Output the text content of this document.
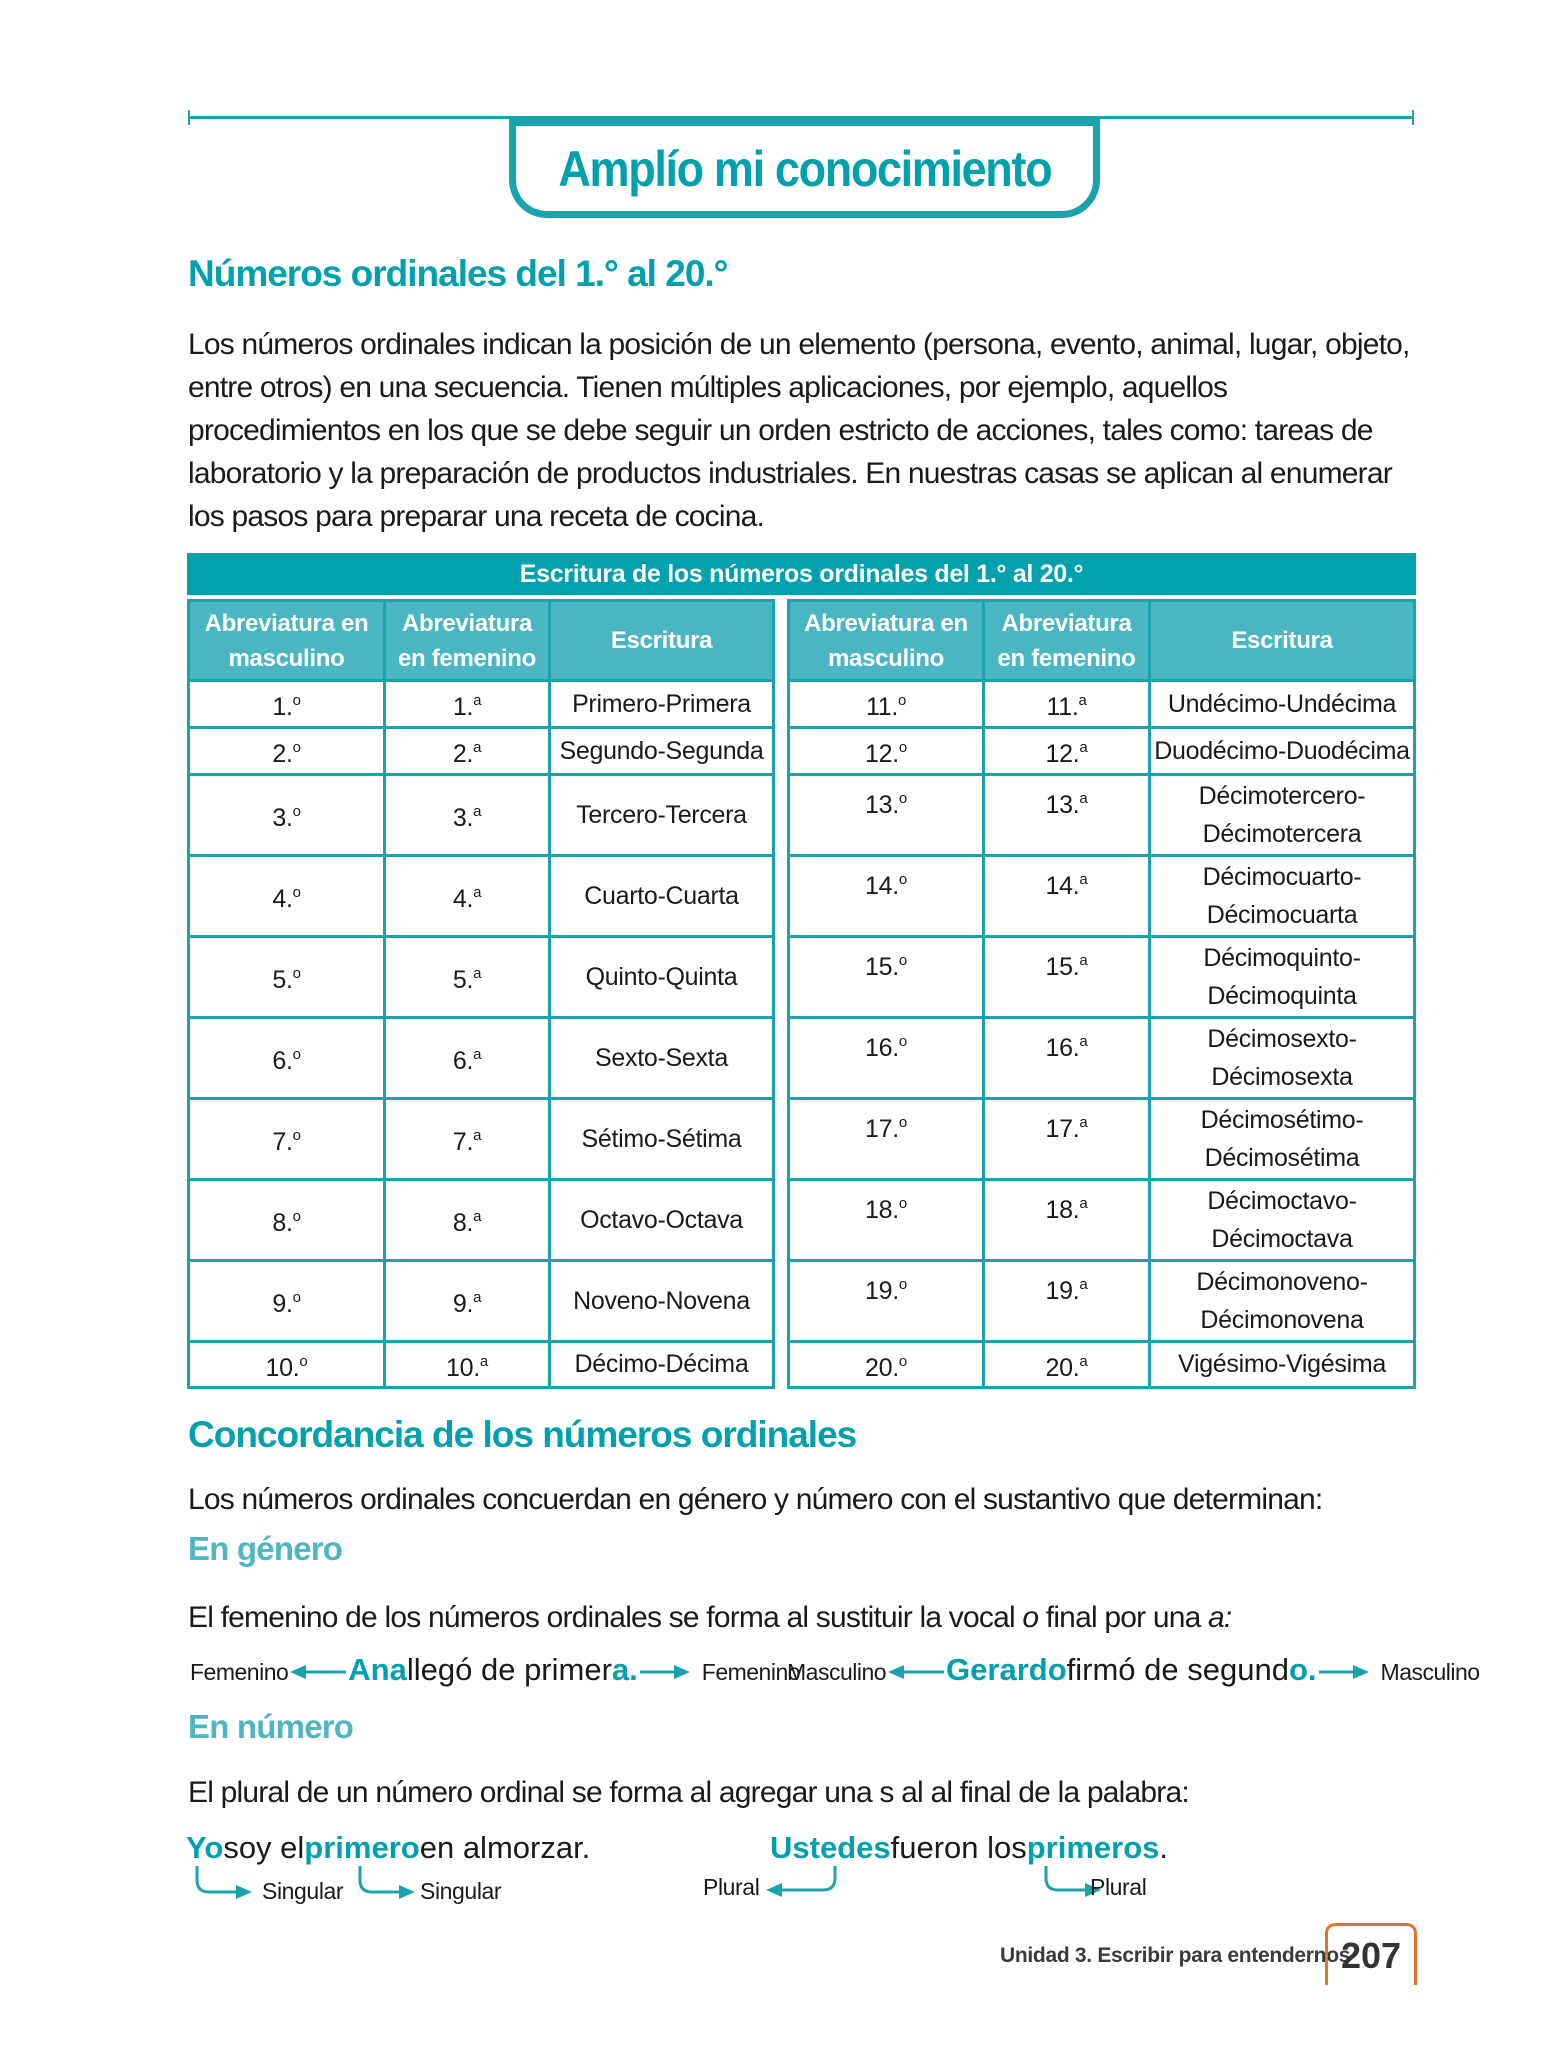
Amplío mi conocimiento
Números ordinales del 1.° al 20.°
Los números ordinales indican la posición de un elemento (persona, evento, animal, lugar, objeto, entre otros) en una secuencia. Tienen múltiples aplicaciones, por ejemplo, aquellos procedimientos en los que se debe seguir un orden estricto de acciones, tales como: tareas de laboratorio y la preparación de productos industriales. En nuestras casas se aplican al enumerar los pasos para preparar una receta de cocina.
Escritura de los números ordinales del 1.° al 20.°
Abreviatura en masculino	Abreviatura en femenino	Escritura
1.$^o$	1.$^a$	Primero-Primera
2.$^o$	2.$^a$	Segundo-Segunda
3.$^o$	3.$^a$	Tercero-Tercera
4.$^o$	4.$^a$	Cuarto-Cuarta
5.$^o$	5.$^a$	Quinto-Quinta
6.$^o$	6.$^a$	Sexto-Sexta
7.$^o$	7.$^a$	Sétimo-Sétima
8.$^o$	8.$^a$	Octavo-Octava
9.$^o$	9.$^a$	Noveno-Novena
10.$^o$	10.$^a$	Décimo-Décima
Abreviatura en masculino	Abreviatura en femenino	Escritura
11.$^o$	11.$^a$	Undécimo-Undécima

12.$^o$	12.$^a$	Duodécimo-Duodécima

13.$^o$	13.$^a$	Décimotercero-
Décimotercera

14.$^o$	14.$^a$	Décimocuarto-
Décimocuarta

15.$^o$	15.$^a$	Décimoquinto-
Décimoquinta

16.$^o$	16.$^a$	Décimosexto-
Décimosexta

17.$^o$	17.$^a$	Décimosétimo-
Décimosétima

18.$^o$	18.$^a$	Décimoctavo-
Décimoctava

19.$^o$	19.$^a$	Décimonoveno-
Décimonovena

20.$^o$	20.$^a$	Vigésimo-Vigésima
Concordancia de los números ordinales
Los números ordinales concuerdan en género y número con el sustantivo que determinan:
En género
El femenino de los números ordinales se forma al sustituir la vocal o final por una a:
Femenino Ana llegó de primer a.	Femenino
Masculino Gerardo firmó de segund o.	Masculino
En número
El plural de un número ordinal se forma al agregar una s al al final de la palabra:
Yo soy el primero en almorzar.
Singular	Singular
Ustedes fueron los primeros .
Plural	Plural
Unidad 3. Escribir para entendernos
207
